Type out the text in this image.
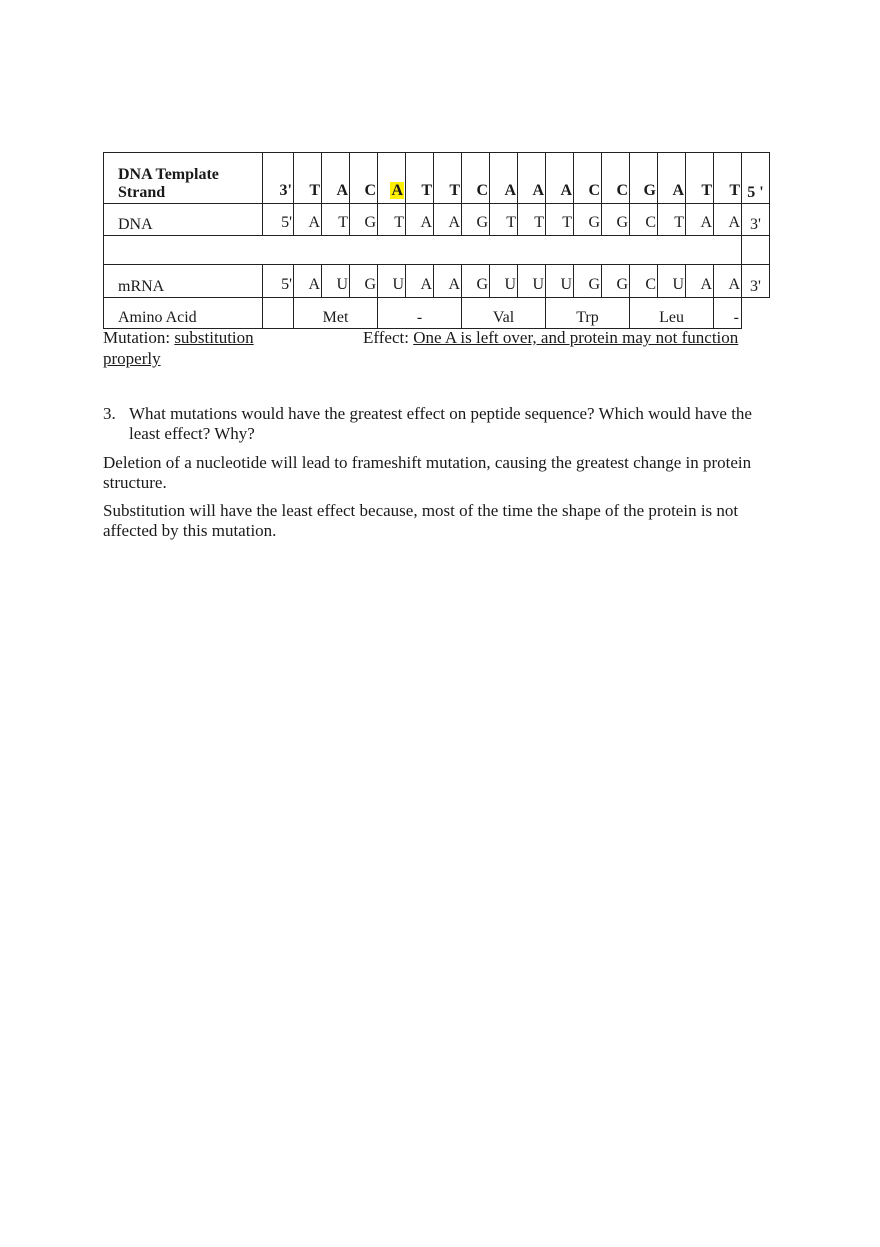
DNA Template Strand	3'	T	A	C	A	T	T	C	A	A	A	C	C	G	A	T	T	5 '
DNA	5'	A	T	G	T	A	A	G	T	T	T	G	G	C	T	A	A	3'

mRNA	5'	A	U	G	U	A	A	G	U	U	U	G	G	C	U	A	A	3'
Amino Acid		Met			-			Val			Trp			Leu			-	
Mutation: substitution	Effect: One A is left over, and protein may not function
properly
3. What mutations would have the greatest effect on peptide sequence? Which would have the least effect? Why?
Deletion of a nucleotide will lead to frameshift mutation, causing the greatest change in protein structure.
Substitution will have the least effect because, most of the time the shape of the protein is not affected by this mutation.
